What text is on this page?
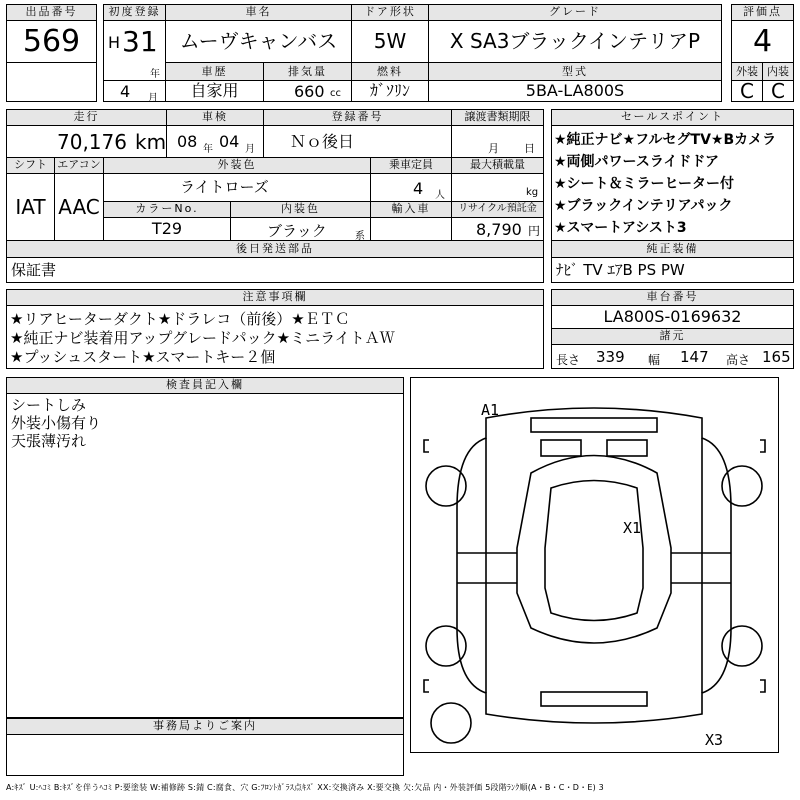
出品番号
569
初度登録
H 31
年
4 月
車名
ムーヴキャンバス
ドア形状
5W
グレード
X SA3ブラックインテリアP
評価点
4
車歴
自家用
排気量
660 cc
燃料
ｶﾞｿﾘﾝ
型式
5BA-LA800S
外装 内装
C C
走行
70,176 km
車検
08 年 04 月
登録番号
Ｎｏ後日
譲渡書類期限
月 日
シフト
IAT
エアコン
AAC
外装色
ライトローズ
乗車定員
4 人
最大積載量
kg
カラーNo.
T29
内装色
ブラック	系
輸入車	リサイクル預託金
8,790 円
後日発送部品
保証書
セールスポイント
★純正ナビ★フルセグTV★Bカメラ
★両側パワースライドドア
★シート＆ミラーヒーター付
★ブラックインテリアパック
★スマートアシスト3
純正装備
ﾅﾋﾞ TV ｴｱB PS PW
注意事項欄
★リアヒーターダクト★ドラレコ（前後）★ＥＴＣ
★純正ナビ装着用アップグレードパック★ミニライトＡＷ
★プッシュスタート★スマートキー２個
車台番号
LA800S-0169632
諸元
長さ 339 幅 147 高さ 165
検査員記入欄
シートしみ
外装小傷有り
天張薄汚れ
事務局よりご案内
A1
X1
X3
A:ｷｽﾞ U:ﾍｺﾐ B:ｷｽﾞを伴うﾍｺﾐ P:要塗装 W:補修跡 S:錆 C:腐食、穴 G:ﾌﾛﾝﾄｶﾞﾗｽ点ｷｽﾞ XX:交換済み X:要交換 欠:欠品 内・外装評価 5段階ﾗﾝｸ順(A・B・C・D・E) 3
